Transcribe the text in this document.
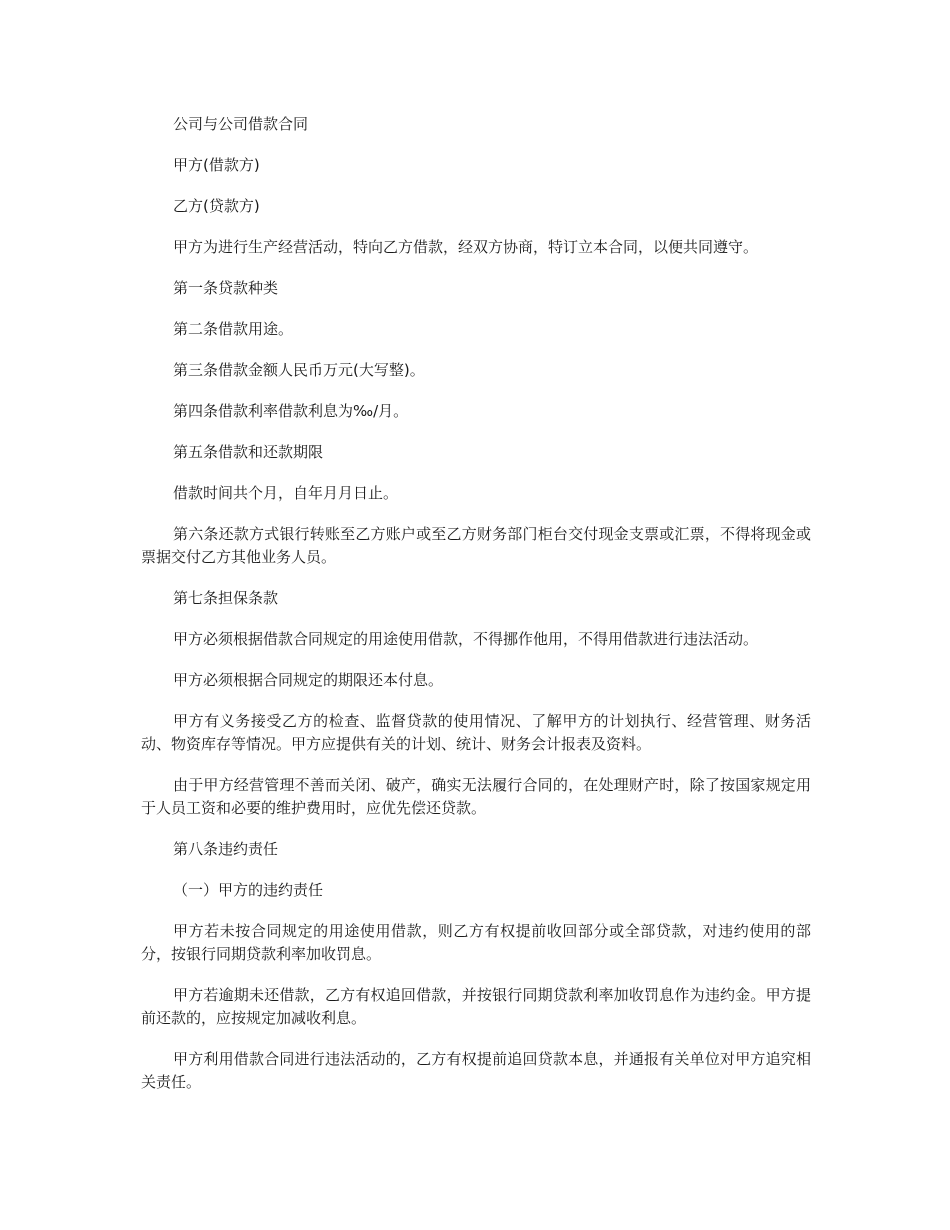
公司与公司借款合同

甲方(借款方)

乙方(贷款方)

甲方为进行生产经营活动，特向乙方借款，经双方协商，特订立本合同，以便共同遵守。

第一条贷款种类

第二条借款用途。

第三条借款金额人民币万元(大写整)。

第四条借款利率借款利息为‰/月。

第五条借款和还款期限

借款时间共个月，自年月月日止。

第六条还款方式银行转账至乙方账户或至乙方财务部门柜台交付现金支票或汇票，不得将现金或票据交付乙方其他业务人员。

第七条担保条款

甲方必须根据借款合同规定的用途使用借款，不得挪作他用，不得用借款进行违法活动。

甲方必须根据合同规定的期限还本付息。

甲方有义务接受乙方的检查、监督贷款的使用情况、了解甲方的计划执行、经营管理、财务活动、物资库存等情况。甲方应提供有关的计划、统计、财务会计报表及资料。

由于甲方经营管理不善而关闭、破产，确实无法履行合同的，在处理财产时，除了按国家规定用于人员工资和必要的维护费用时，应优先偿还贷款。

第八条违约责任

（一）甲方的违约责任

甲方若未按合同规定的用途使用借款，则乙方有权提前收回部分或全部贷款，对违约使用的部分，按银行同期贷款利率加收罚息。

甲方若逾期未还借款，乙方有权追回借款，并按银行同期贷款利率加收罚息作为违约金。甲方提前还款的，应按规定加减收利息。

甲方利用借款合同进行违法活动的，乙方有权提前追回贷款本息，并通报有关单位对甲方追究相关责任。
